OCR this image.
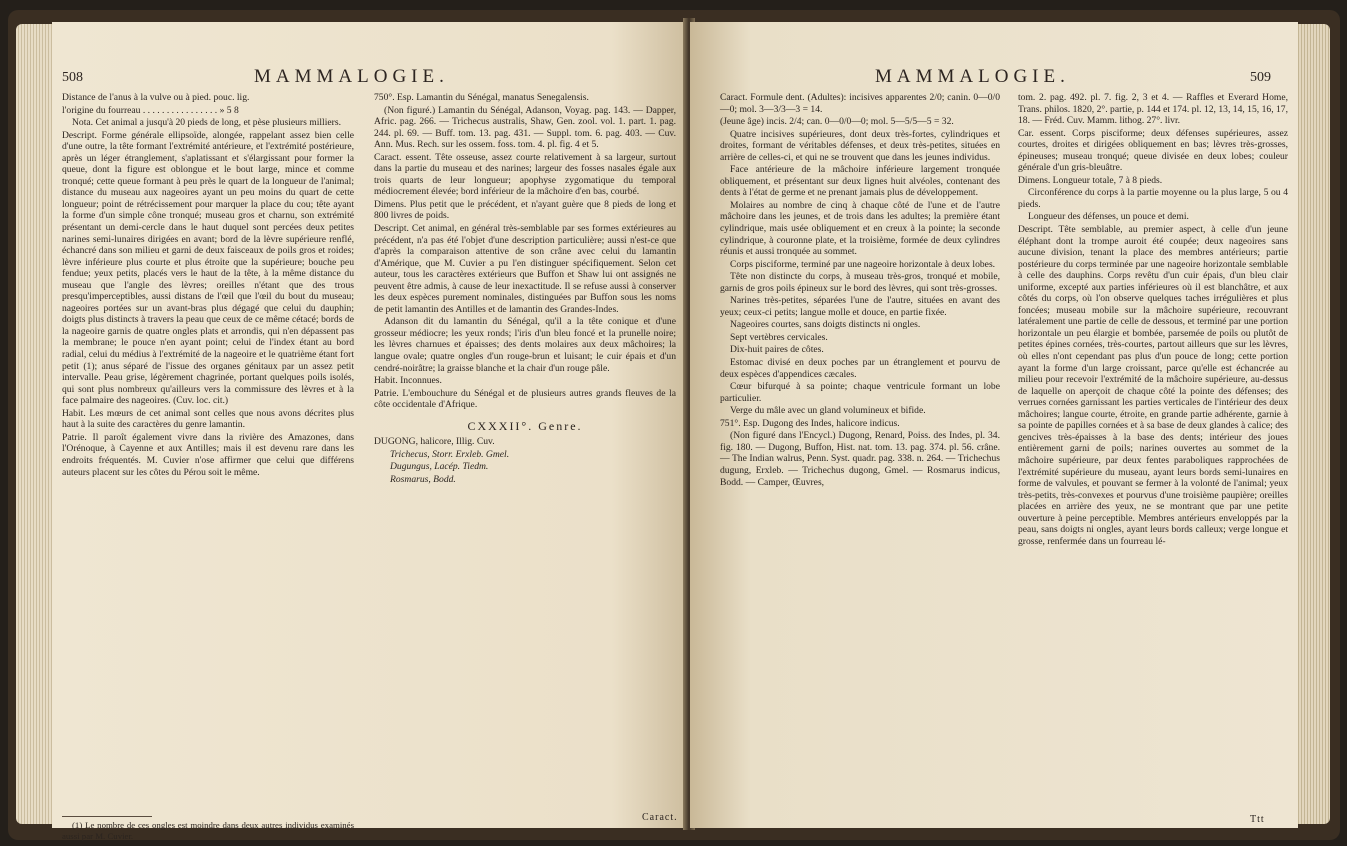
508	MAMMALOGIE.

Distance de l'anus à la vulve ou à pied. pouc. lig.

l'origine du fourreau . . . . . . . . . . . . . . . . » 5 8

Nota. Cet animal a jusqu'à 20 pieds de long, et pèse plusieurs milliers.

Descript. Forme générale ellipsoïde, alongée, rappelant assez bien celle d'une outre, la tête formant l'extrémité antérieure, et l'extrémité postérieure, après un léger étranglement, s'aplatissant et s'élargissant pour former la queue, dont la figure est oblongue et le bout large, mince et comme tronqué; cette queue formant à peu près le quart de la longueur de l'animal; distance du museau aux nageoires ayant un peu moins du quart de cette longueur; point de rétrécissement pour marquer la place du cou; tête ayant la forme d'un simple cône tronqué; museau gros et charnu, son extrémité présentant un demi-cercle dans le haut duquel sont percées deux petites narines semi-lunaires dirigées en avant; bord de la lèvre supérieure renflé, échancré dans son milieu et garni de deux faisceaux de poils gros et roides; lèvre inférieure plus courte et plus étroite que la supérieure; bouche peu fendue; yeux petits, placés vers le haut de la tête, à la même distance du museau que l'angle des lèvres; oreilles n'étant que des trous presqu'imperceptibles, aussi distans de l'œil que l'œil du bout du museau; nageoires portées sur un avant-bras plus dégagé que celui du dauphin; doigts plus distincts à travers la peau que ceux de ce même cétacé; bords de la nageoire garnis de quatre ongles plats et arrondis, qui n'en dépassent pas la membrane; le pouce n'en ayant point; celui de l'index étant au bord radial, celui du médius à l'extrémité de la nageoire et le quatrième étant fort petit (1); anus séparé de l'issue des organes génitaux par un assez petit intervalle. Peau grise, légèrement chagrinée, portant quelques poils isolés, qui sont plus nombreux qu'ailleurs vers la commissure des lèvres et à la face palmaire des nageoires. (Cuv. loc. cit.)

Habit. Les mœurs de cet animal sont celles que nous avons décrites plus haut à la suite des caractères du genre lamantin.

Patrie. Il paroît également vivre dans la rivière des Amazones, dans l'Orénoque, à Cayenne et aux Antilles; mais il est devenu rare dans les endroits fréquentés. M. Cuvier n'ose affirmer que celui que différens auteurs placent sur les côtes du Pérou soit le même.

(1) Le nombre de ces ongles est moindre dans deux autres individus examinés aussi par M. Cuvier.

750°. Esp. Lamantin du Sénégal, manatus Senegalensis.

(Non figuré.) Lamantin du Sénégal, Adanson, Voyag. pag. 143. — Dapper, Afric. pag. 266. — Trichecus australis, Shaw, Gen. zool. vol. 1. part. 1. pag. 244. pl. 69. — Buff. tom. 13. pag. 431. — Suppl. tom. 6. pag. 403. — Cuv. Ann. Mus. Rech. sur les ossem. foss. tom. 4. pl. fig. 4 et 5.

Caract. essent. Tête osseuse, assez courte relativement à sa largeur, surtout dans la partie du museau et des narines; largeur des fosses nasales égale aux trois quarts de leur longueur; apophyse zygomatique du temporal médiocrement élevée; bord inférieur de la mâchoire d'en bas, courbé.

Dimens. Plus petit que le précédent, et n'ayant guère que 8 pieds de long et 800 livres de poids.

Descript. Cet animal, en général très-semblable par ses formes extérieures au précédent, n'a pas été l'objet d'une description particulière; aussi n'est-ce que d'après la comparaison attentive de son crâne avec celui du lamantin d'Amérique, que M. Cuvier a pu l'en distinguer spécifiquement. Selon cet auteur, tous les caractères extérieurs que Buffon et Shaw lui ont assignés ne peuvent être admis, à cause de leur inexactitude. Il se refuse aussi à conserver les deux espèces purement nominales, distinguées par Buffon sous les noms de petit lamantin des Antilles et de lamantin des Grandes-Indes.

Adanson dit du lamantin du Sénégal, qu'il a la tête conique et d'une grosseur médiocre; les yeux ronds; l'iris d'un bleu foncé et la prunelle noire; les lèvres charnues et épaisses; des dents molaires aux deux mâchoires; la langue ovale; quatre ongles d'un rouge-brun et luisant; le cuir épais et d'un cendré-noirâtre; la graisse blanche et la chair d'un rouge pâle.

Habit. Inconnues.

Patrie. L'embouchure du Sénégal et de plusieurs autres grands fleuves de la côte occidentale d'Afrique.

CXXXII°. Genre.

DUGONG, halicore, Illig. Cuv.

Trichecus, Storr. Erxleb. Gmel.

Dugungus, Lacép. Tiedm.

Rosmarus, Bodd.

Caract.
MAMMALOGIE.	509

Caract. Formule dent. (Adultes): incisives apparentes 2/0; canin. 0—0/0—0; mol. 3—3/3—3 = 14.

(Jeune âge) incis. 2/4; can. 0—0/0—0; mol. 5—5/5—5 = 32.

Quatre incisives supérieures, dont deux très-fortes, cylindriques et droites, formant de véritables défenses, et deux très-petites, situées en arrière de celles-ci, et qui ne se trouvent que dans les jeunes individus.

Face antérieure de la mâchoire inférieure largement tronquée obliquement, et présentant sur deux lignes huit alvéoles, contenant des dents à l'état de germe et ne prenant jamais plus de développement.

Molaires au nombre de cinq à chaque côté de l'une et de l'autre mâchoire dans les jeunes, et de trois dans les adultes; la première étant cylindrique, mais usée obliquement et en creux à la pointe; la seconde cylindrique, à couronne plate, et la troisième, formée de deux cylindres réunis et aussi tronquée au sommet.

Corps pisciforme, terminé par une nageoire horizontale à deux lobes.

Tête non distincte du corps, à museau très-gros, tronqué et mobile, garnis de gros poils épineux sur le bord des lèvres, qui sont très-grosses.

Narines très-petites, séparées l'une de l'autre, situées en avant des yeux; ceux-ci petits; langue molle et douce, en partie fixée.

Nageoires courtes, sans doigts distincts ni ongles.

Sept vertèbres cervicales.

Dix-huit paires de côtes.

Estomac divisé en deux poches par un étranglement et pourvu de deux espèces d'appendices cæcales.

Cœur bifurqué à sa pointe; chaque ventricule formant un lobe particulier.

Verge du mâle avec un gland volumineux et bifide.

751°. Esp. Dugong des Indes, halicore indicus.

(Non figuré dans l'Encycl.) Dugong, Renard, Poiss. des Indes, pl. 34. fig. 180. — Dugong, Buffon, Hist. nat. tom. 13. pag. 374. pl. 56. crâne. — The Indian walrus, Penn. Syst. quadr. pag. 338. n. 264. — Trichechus dugung, Erxleb. — Trichechus dugong, Gmel. — Rosmarus indicus, Bodd. — Camper, Œuvres,

tom. 2. pag. 492. pl. 7. fig. 2, 3 et 4. — Raffles et Everard Home, Trans. philos. 1820, 2°. partie, p. 144 et 174. pl. 12, 13, 14, 15, 16, 17, 18. — Fréd. Cuv. Mamm. lithog. 27°. livr.

Car. essent. Corps pisciforme; deux défenses supérieures, assez courtes, droites et dirigées obliquement en bas; lèvres très-grosses, épineuses; museau tronqué; queue divisée en deux lobes; couleur générale d'un gris-bleuâtre.

Dimens. Longueur totale, 7 à 8 pieds.

Circonférence du corps à la partie moyenne ou la plus large, 5 ou 4 pieds.

Longueur des défenses, un pouce et demi.

Descript. Tête semblable, au premier aspect, à celle d'un jeune éléphant dont la trompe auroit été coupée; deux nageoires sans aucune division, tenant la place des membres antérieurs; partie postérieure du corps terminée par une nageoire horizontale semblable à celle des dauphins. Corps revêtu d'un cuir épais, d'un bleu clair uniforme, excepté aux parties inférieures où il est blanchâtre, et aux côtés du corps, où l'on observe quelques taches irrégulières et plus foncées; museau mobile sur la mâchoire supérieure, recouvrant latéralement une partie de celle de dessous, et terminé par une portion horizontale un peu élargie et bombée, parsemée de poils ou plutôt de petites épines cornées, très-courtes, partout ailleurs que sur les lèvres, où elles n'ont cependant pas plus d'un pouce de long; cette portion ayant la forme d'un large croissant, parce qu'elle est échancrée au milieu pour recevoir l'extrémité de la mâchoire supérieure, au-dessus de laquelle on aperçoit de chaque côté la pointe des défenses; des verrues cornées garnissant les parties verticales de l'intérieur des deux mâchoires; langue courte, étroite, en grande partie adhérente, garnie à sa pointe de papilles cornées et à sa base de deux glandes à calice; des gencives très-épaisses à la base des dents; intérieur des joues entièrement garni de poils; narines ouvertes au sommet de la mâchoire supérieure, par deux fentes paraboliques rapprochées de l'extrémité supérieure du museau, ayant leurs bords semi-lunaires en forme de valvules, et pouvant se fermer à la volonté de l'animal; yeux très-petits, très-convexes et pourvus d'une troisième paupière; oreilles placées en arrière des yeux, ne se montrant que par une petite ouverture à peine perceptible. Membres antérieurs enveloppés par la peau, sans doigts ni ongles, ayant leurs bords calleux; verge longue et grosse, renfermée dans un fourreau lé-

Ttt
